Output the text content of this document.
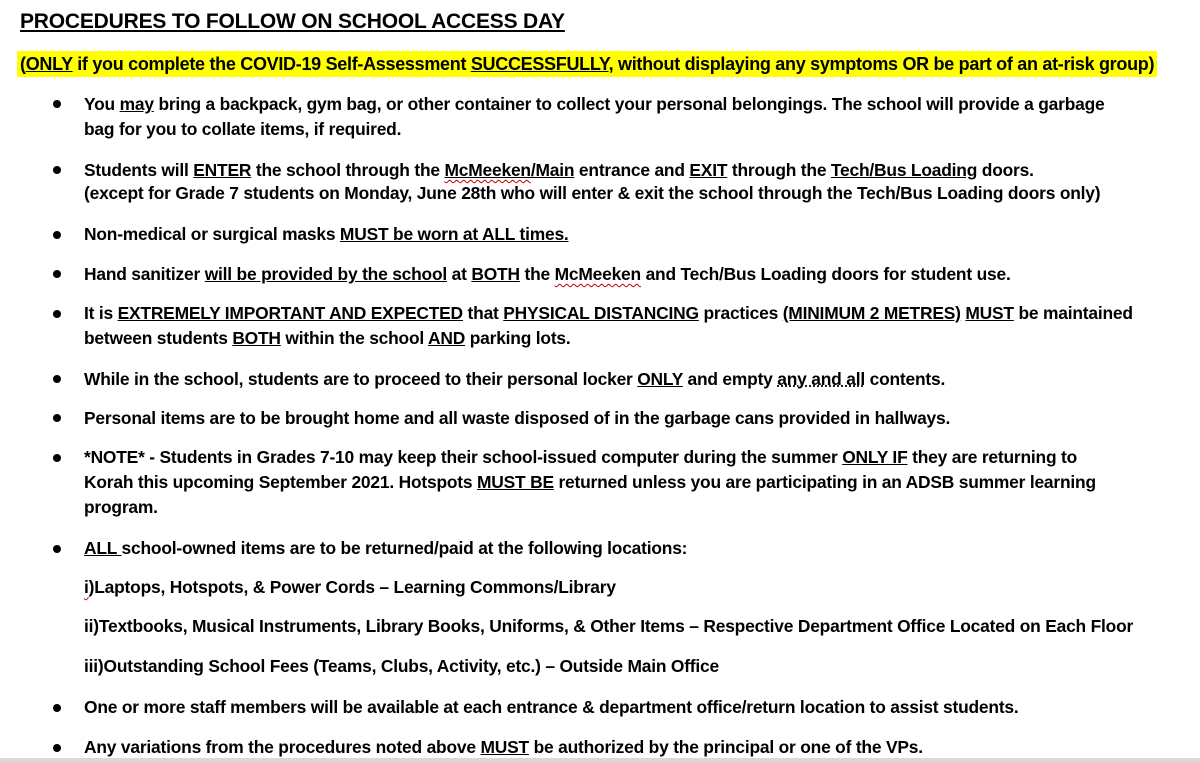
PROCEDURES TO FOLLOW ON SCHOOL ACCESS DAY
(ONLY if you complete the COVID-19 Self-Assessment SUCCESSFULLY, without displaying any symptoms OR be part of an at-risk group)
You may bring a backpack, gym bag, or other container to collect your personal belongings. The school will provide a garbage
bag for you to collate items, if required.
Students will ENTER the school through the McMeeken/Main entrance and EXIT through the Tech/Bus Loading doors.
(except for Grade 7 students on Monday, June 28th who will enter & exit the school through the Tech/Bus Loading doors only)
Non-medical or surgical masks MUST be worn at ALL times.
Hand sanitizer will be provided by the school at BOTH the McMeeken and Tech/Bus Loading doors for student use.
It is EXTREMELY IMPORTANT AND EXPECTED that PHYSICAL DISTANCING practices (MINIMUM 2 METRES) MUST be maintained
between students BOTH within the school AND parking lots.
While in the school, students are to proceed to their personal locker ONLY and empty any and all contents.
Personal items are to be brought home and all waste disposed of in the garbage cans provided in hallways.
*NOTE* - Students in Grades 7-10 may keep their school-issued computer during the summer ONLY IF they are returning to
Korah this upcoming September 2021. Hotspots MUST BE returned unless you are participating in an ADSB summer learning
program.
ALL school-owned items are to be returned/paid at the following locations:
i)Laptops, Hotspots, & Power Cords – Learning Commons/Library
ii)Textbooks, Musical Instruments, Library Books, Uniforms, & Other Items – Respective Department Office Located on Each Floor
iii)Outstanding School Fees (Teams, Clubs, Activity, etc.) – Outside Main Office
One or more staff members will be available at each entrance & department office/return location to assist students.
Any variations from the procedures noted above MUST be authorized by the principal or one of the VPs.
